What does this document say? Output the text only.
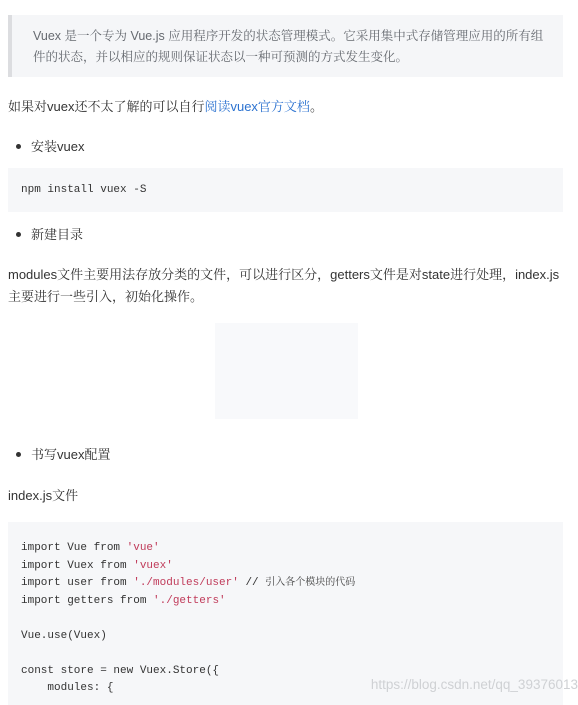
Vuex 是一个专为 Vue.js 应用程序开发的状态管理模式。它采用集中式存储管理应用的所有组件的状态，并以相应的规则保证状态以一种可预测的方式发生变化。
如果对vuex还不太了解的可以自行阅读vuex官方文档。
安装vuex
npm install vuex -S
新建目录
modules文件主要用法存放分类的文件，可以进行区分，getters文件是对state进行处理，index.js主要进行一些引入，初始化操作。
书写vuex配置
index.js文件
import Vue from 'vue'
import Vuex from 'vuex'
import user from './modules/user' // 引入各个模块的代码
import getters from './getters'
Vue.use(Vuex)
const store = new Vuex.Store({
modules: {	https://blog.csdn.net/qq_39376013
